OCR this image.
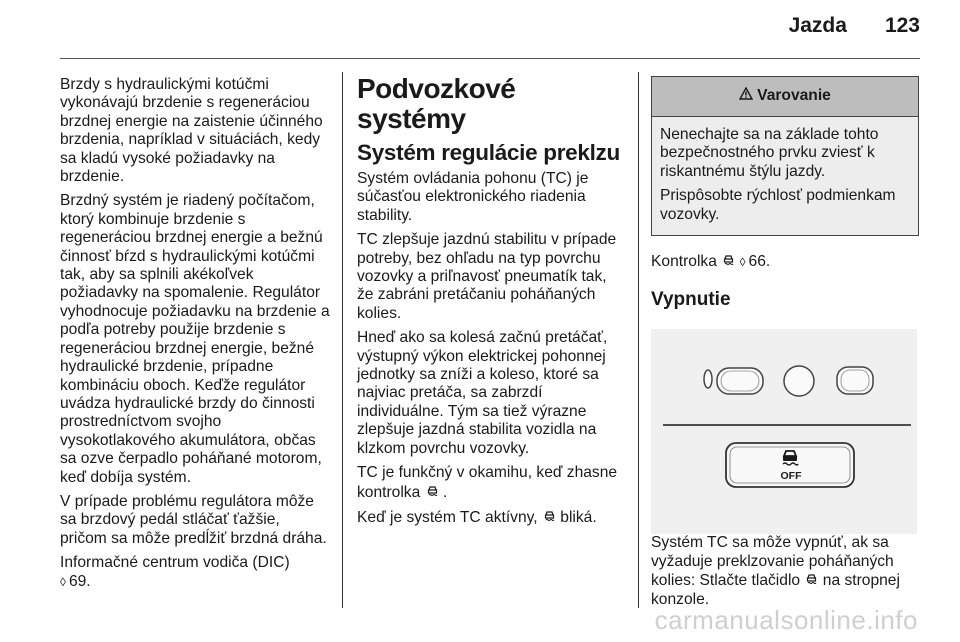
Jazda 123

Brzdy s hydraulickými kotúčmi vykonávajú brzdenie s regeneráciou brzdnej energie na zaistenie účinného brzdenia, napríklad v situáciách, kedy sa kladú vysoké požiadavky na brzdenie.

Brzdný systém je riadený počítačom, ktorý kombinuje brzdenie s regeneráciou brzdnej energie a bežnú činnosť bŕzd s hydraulickými kotúčmi tak, aby sa splnili akékoľvek požiadavky na spomalenie. Regulátor vyhodnocuje požiadavku na brzdenie a podľa potreby použije brzdenie s regeneráciou brzdnej energie, bežné hydraulické brzdenie, prípadne kombináciu oboch. Keďže regulátor uvádza hydraulické brzdy do činnosti prostredníctvom svojho vysokotlakového akumulátora, občas sa ozve čerpadlo poháňané motorom, keď dobíja systém.

V prípade problému regulátora môže sa brzdový pedál stláčať ťažšie, pričom sa môže predĺžiť brzdná dráha.

Informačné centrum vodiča (DIC)
◊ 69.

Podvozkové systémy
Systém regulácie preklzu

Systém ovládania pohonu (TC) je súčasťou elektronického riadenia stability.

TC zlepšuje jazdnú stabilitu v prípade potreby, bez ohľadu na typ povrchu vozovky a priľnavosť pneumatík tak, že zabráni pretáčaniu poháňaných kolies.

Hneď ako sa kolesá začnú pretáčať, výstupný výkon elektrickej pohonnej jednotky sa zníži a koleso, ktoré sa najviac pretáča, sa zabrzdí individuálne. Tým sa tiež výrazne zlepšuje jazdná stabilita vozidla na klzkom povrchu vozovky.

TC je funkčný v okamihu, keď zhasne kontrolka .

Keď je systém TC aktívny, bliká.

Varovanie

Nenechajte sa na základe tohto bezpečnostného prvku zviesť k riskantnému štýlu jazdy.

Prispôsobte rýchlosť podmienkam vozovky.

Kontrolka ◊ 66.

Vypnutie
OFF

Systém TC sa môže vypnúť, ak sa vyžaduje preklzovanie poháňaných kolies: Stlačte tlačidlo na stropnej konzole.

carmanualsonline.info
